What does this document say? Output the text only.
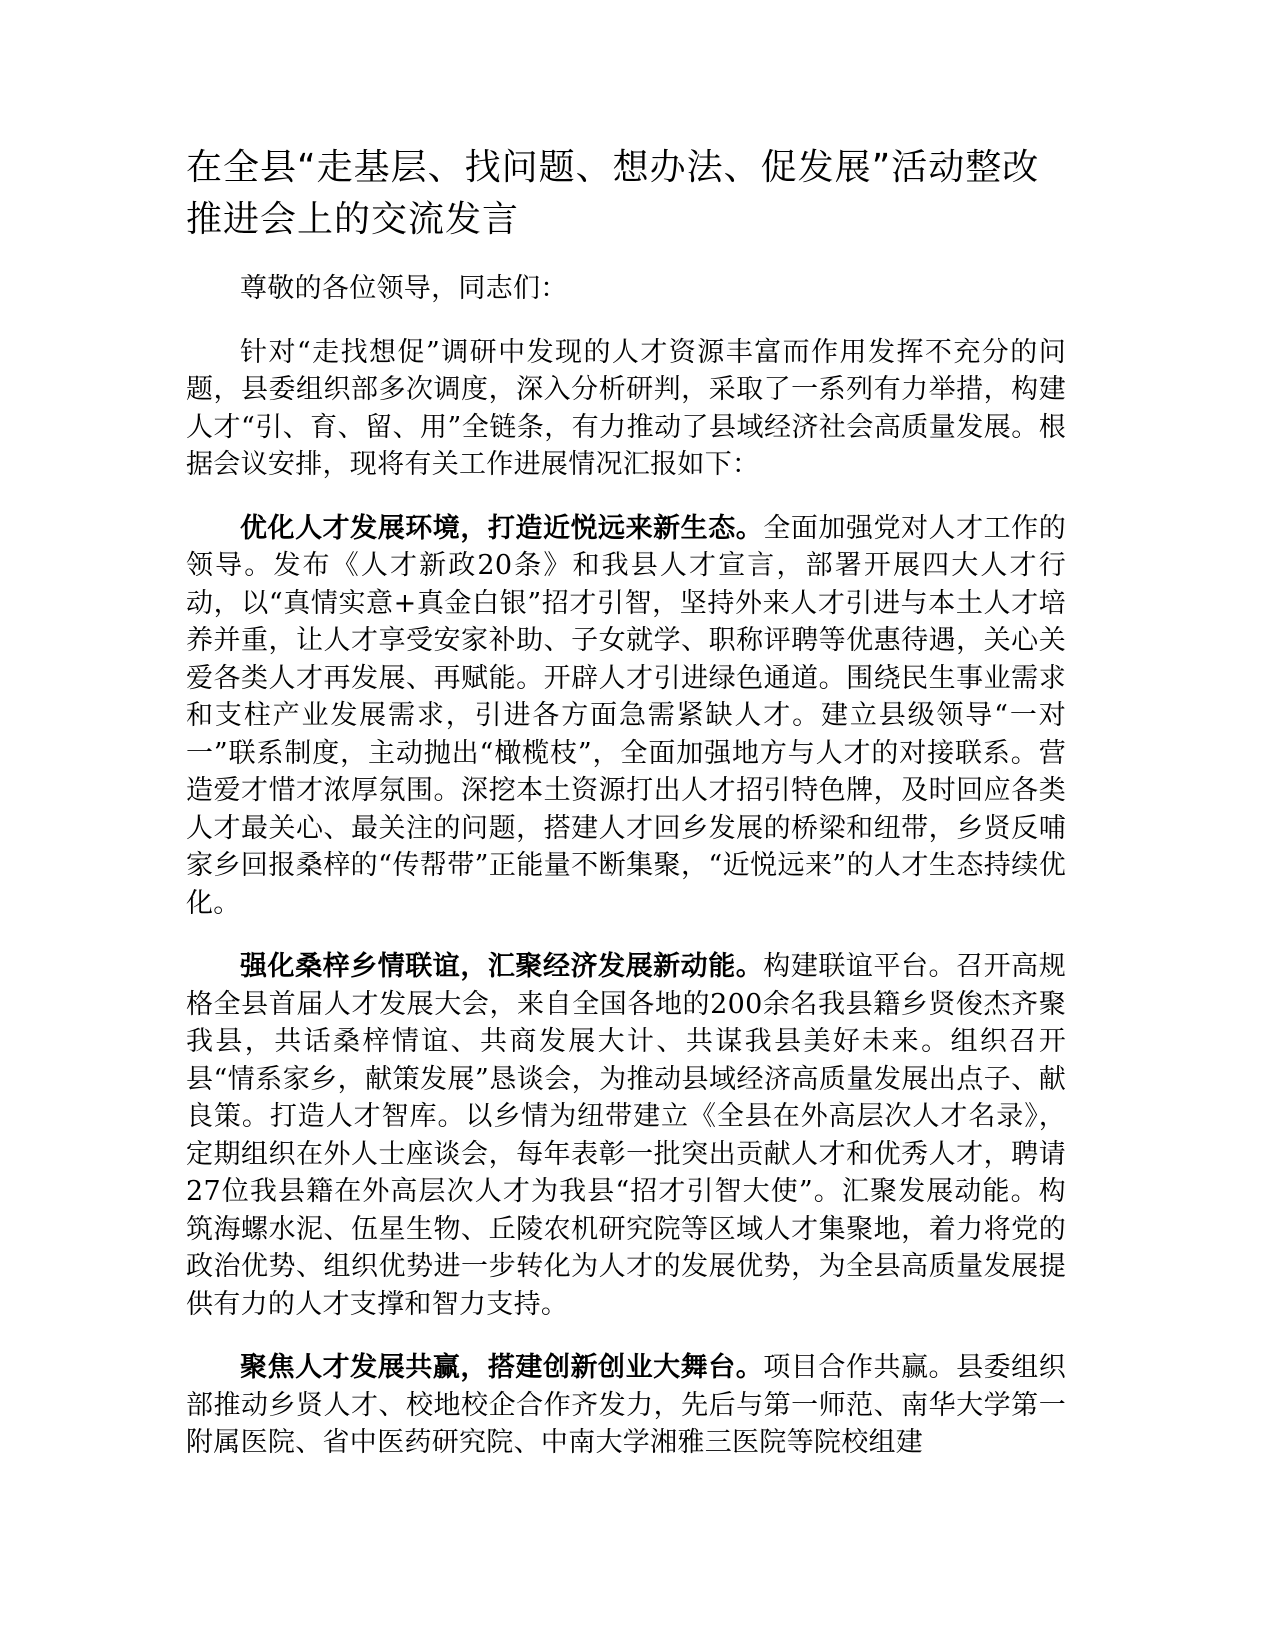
在全县“走基层、找问题、想办法、促发展”活动整改推进会上的交流发言

尊敬的各位领导，同志们：

针对“走找想促”调研中发现的人才资源丰富而作用发挥不充分的问题，县委组织部多次调度，深入分析研判，采取了一系列有力举措，构建人才“引、育、留、用”全链条，有力推动了县域经济社会高质量发展。根据会议安排，现将有关工作进展情况汇报如下：

优化人才发展环境，打造近悦远来新生态。全面加强党对人才工作的领导。发布《人才新政20条》和我县人才宣言，部署开展四大人才行动，以“真情实意+真金白银”招才引智，坚持外来人才引进与本土人才培养并重，让人才享受安家补助、子女就学、职称评聘等优惠待遇，关心关爱各类人才再发展、再赋能。开辟人才引进绿色通道。围绕民生事业需求和支柱产业发展需求，引进各方面急需紧缺人才。建立县级领导“一对一”联系制度，主动抛出“橄榄枝”，全面加强地方与人才的对接联系。营造爱才惜才浓厚氛围。深挖本土资源打出人才招引特色牌，及时回应各类人才最关心、最关注的问题，搭建人才回乡发展的桥梁和纽带，乡贤反哺家乡回报桑梓的“传帮带”正能量不断集聚，“近悦远来”的人才生态持续优化。

强化桑梓乡情联谊，汇聚经济发展新动能。构建联谊平台。召开高规格全县首届人才发展大会，来自全国各地的200余名我县籍乡贤俊杰齐聚我县，共话桑梓情谊、共商发展大计、共谋我县美好未来。组织召开县“情系家乡，献策发展”恳谈会，为推动县域经济高质量发展出点子、献良策。打造人才智库。以乡情为纽带建立《全县在外高层次人才名录》，定期组织在外人士座谈会，每年表彰一批突出贡献人才和优秀人才，聘请27位我县籍在外高层次人才为我县“招才引智大使”。汇聚发展动能。构筑海螺水泥、伍星生物、丘陵农机研究院等区域人才集聚地，着力将党的政治优势、组织优势进一步转化为人才的发展优势，为全县高质量发展提供有力的人才支撑和智力支持。

聚焦人才发展共赢，搭建创新创业大舞台。项目合作共赢。县委组织部推动乡贤人才、校地校企合作齐发力，先后与第一师范、南华大学第一附属医院、省中医药研究院、中南大学湘雅三医院等院校组建
